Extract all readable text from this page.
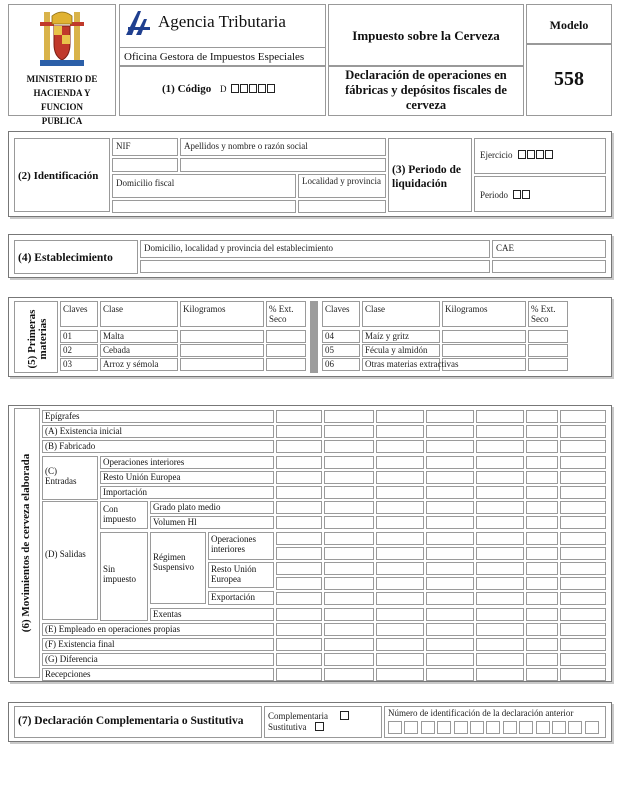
MINISTERIO DE HACIENDA Y FUNCION PUBLICA
Agencia Tributaria
Oficina Gestora de Impuestos Especiales
(1) Código D
Impuesto sobre la Cerveza
Declaración de operaciones en fábricas y depósitos fiscales de cerveza
Modelo
558
(2) Identificación
NIF	Apellidos y nombre o razón social
Domicilio fiscal	Localidad y provincia
(3) Periodo de liquidación
Ejercicio
Periodo
(4) Establecimiento
Domicilio, localidad y provincia del establecimiento	CAE
(5) Primeras materias
Claves	Clase	Kilogramos	% Ext. Seco
01	Malta
02	Cebada
03	Arroz y sémola
Claves	Clase	Kilogramos	% Ext. Seco
04	Maíz y gritz
05	Fécula y almidón
06	Otras materias extractivas
(6) Movimientos de cerveza elaborada
Epígrafes
(A) Existencia inicial
(B) Fabricado
(E) Empleado en operaciones propias
(F) Existencia final
(G) Diferencia
Recepciones
(C) Entradas
Operaciones interiores
Resto Unión Europea
Importación
(D) Salidas
Con impuesto
Grado plato medio
Volumen Hl
Sin impuesto
Régimen Suspensivo
Operaciones interiores
Resto Unión Europea
Exportación
Exentas
(7) Declaración Complementaria o Sustitutiva	Complementaria
Sustitutiva
Número de identificación de la declaración anterior
